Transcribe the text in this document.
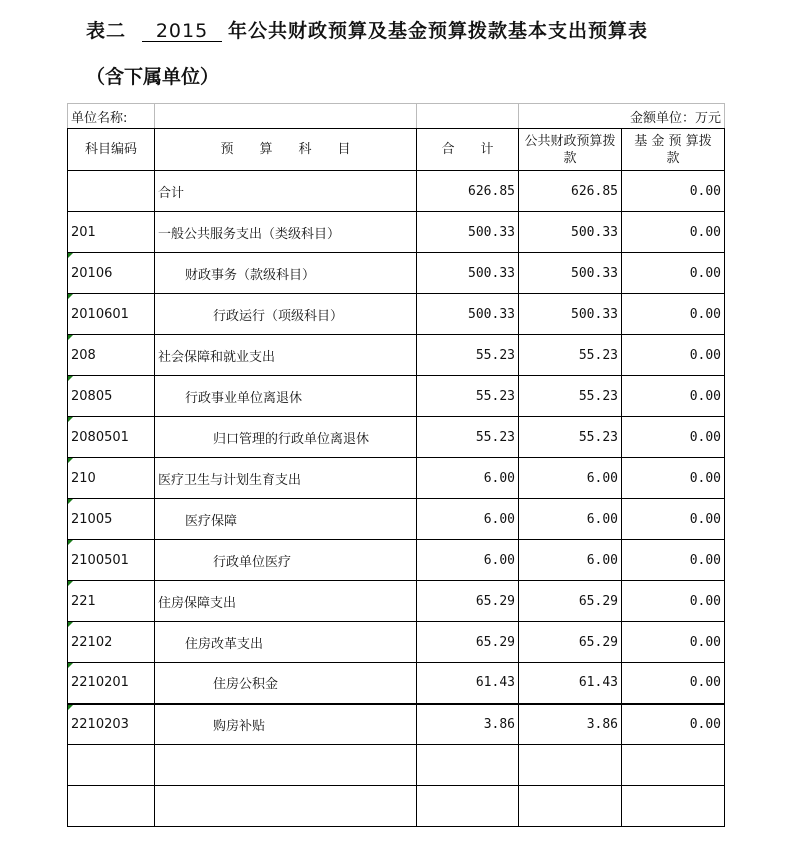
表二 2015 年公共财政预算及基金预算拨款基本支出预算表
（含下属单位）
单位名称:			金额单位：万元	
科目编码	预　　算　　科　　目	合　　计	公共财政预算拨　款	基 金 预 算拨　款
	合计	626.85	626.85	0.00
201	一般公共服务支出（类级科目）	500.33	500.33	0.00
20106	财政事务（款级科目）	500.33	500.33	0.00
2010601	行政运行（项级科目）	500.33	500.33	0.00
208	社会保障和就业支出	55.23	55.23	0.00
20805	行政事业单位离退休	55.23	55.23	0.00
2080501	归口管理的行政单位离退休	55.23	55.23	0.00
210	医疗卫生与计划生育支出	6.00	6.00	0.00
21005	医疗保障	6.00	6.00	0.00
2100501	行政单位医疗	6.00	6.00	0.00
221	住房保障支出	65.29	65.29	0.00
22102	住房改革支出	65.29	65.29	0.00
2210201	住房公积金	61.43	61.43	0.00
2210203	购房补贴	3.86	3.86	0.00
